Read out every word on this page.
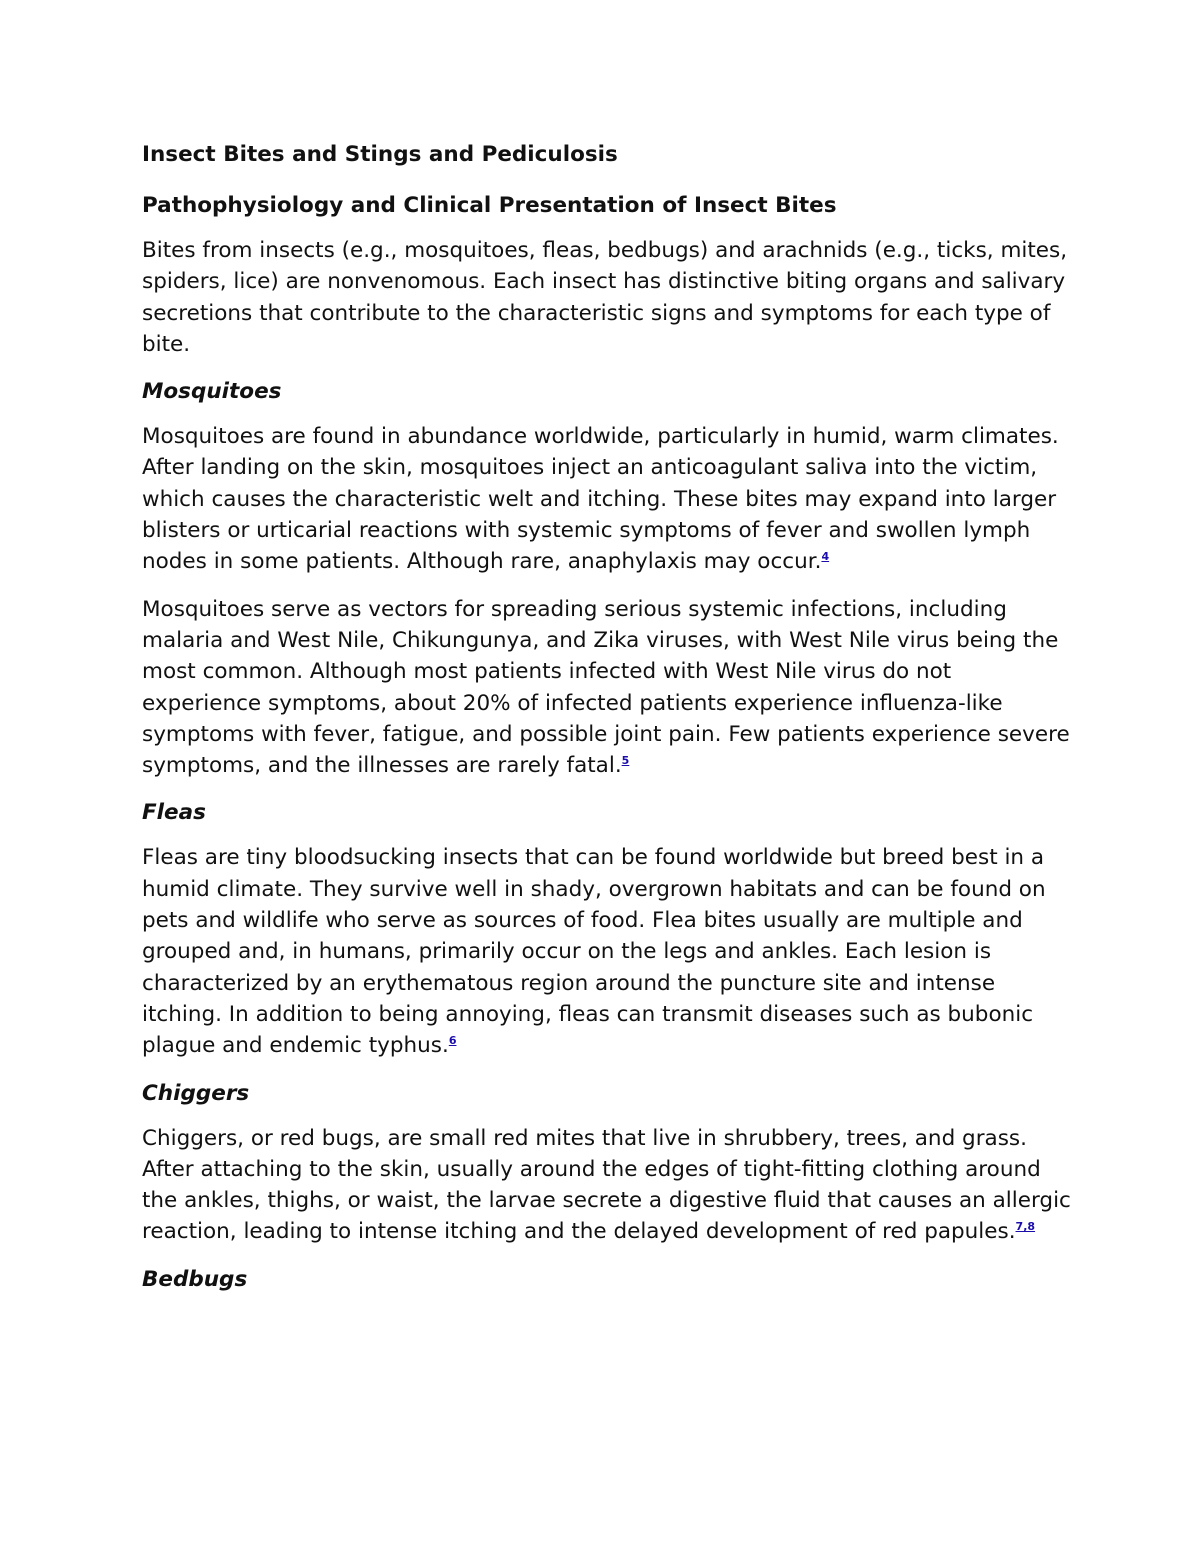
Insect Bites and Stings and Pediculosis

Pathophysiology and Clinical Presentation of Insect Bites

Bites from insects (e.g., mosquitoes, fleas, bedbugs) and arachnids (e.g., ticks, mites, spiders, lice) are nonvenomous. Each insect has distinctive biting organs and salivary secretions that contribute to the characteristic signs and symptoms for each type of bite.

Mosquitoes

Mosquitoes are found in abundance worldwide, particularly in humid, warm climates. After landing on the skin, mosquitoes inject an anticoagulant saliva into the victim, which causes the characteristic welt and itching. These bites may expand into larger blisters or urticarial reactions with systemic symptoms of fever and swollen lymph nodes in some patients. Although rare, anaphylaxis may occur.$^4$

Mosquitoes serve as vectors for spreading serious systemic infections, including malaria and West Nile, Chikungunya, and Zika viruses, with West Nile virus being the most common. Although most patients infected with West Nile virus do not experience symptoms, about 20% of infected patients experience influenza-like symptoms with fever, fatigue, and possible joint pain. Few patients experience severe symptoms, and the illnesses are rarely fatal.$^5$

Fleas

Fleas are tiny bloodsucking insects that can be found worldwide but breed best in a humid climate. They survive well in shady, overgrown habitats and can be found on pets and wildlife who serve as sources of food. Flea bites usually are multiple and grouped and, in humans, primarily occur on the legs and ankles. Each lesion is characterized by an erythematous region around the puncture site and intense itching. In addition to being annoying, fleas can transmit diseases such as bubonic plague and endemic typhus.$^6$

Chiggers

Chiggers, or red bugs, are small red mites that live in shrubbery, trees, and grass. After attaching to the skin, usually around the edges of tight-fitting clothing around the ankles, thighs, or waist, the larvae secrete a digestive fluid that causes an allergic reaction, leading to intense itching and the delayed development of red papules.$^{7,8}$

Bedbugs
